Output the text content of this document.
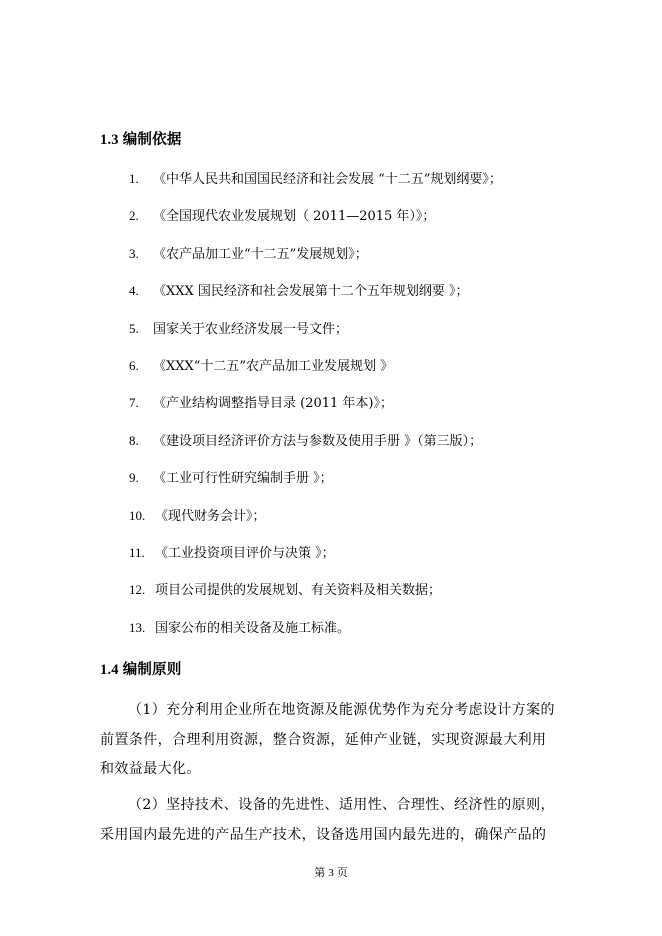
1.3 编制依据
1. 《中华人民共和国国民经济和社会发展 “十二五”规划纲要》；
2. 《全国现代农业发展规划（ 2011—2015 年）》；
3. 《农产品加工业“十二五”发展规划》；
4. 《XXX 国民经济和社会发展第十二个五年规划纲要 》；
5.国家关于农业经济发展一号文件；
6. 《XXX“十二五”农产品加工业发展规划 》
7. 《产业结构调整指导目录 (2011 年本)》；
8. 《建设项目经济评价方法与参数及使用手册 》（第三版）；
9. 《工业可行性研究编制手册 》；
10. 《现代财务会计》；
11. 《工业投资项目评价与决策 》；
12. 项目公司提供的发展规划、有关资料及相关数据；
13. 国家公布的相关设备及施工标准。
1.4 编制原则

（1）充分利用企业所在地资源及能源优势作为充分考虑设计方案的
前置条件，合理利用资源，整合资源，延伸产业链，实现资源最大利用
和效益最大化。

（2）坚持技术、设备的先进性、适用性、合理性、经济性的原则，
采用国内最先进的产品生产技术，设备选用国内最先进的，确保产品的

第 3 页
